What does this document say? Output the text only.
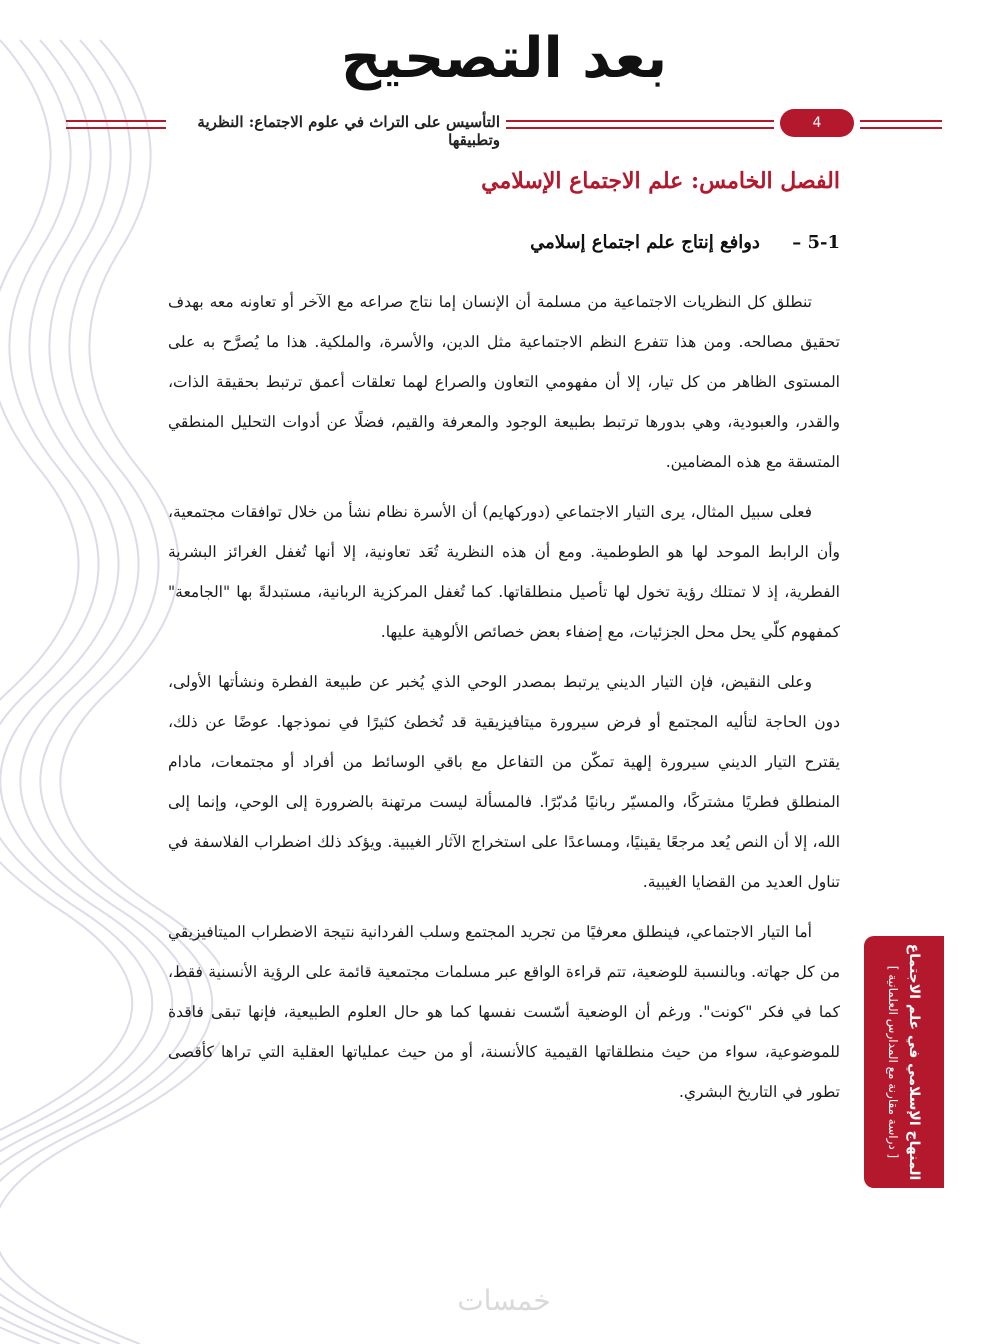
بعد التصحيح
التأسيس على التراث في علوم الاجتماع: النظرية وتطبيقها
4
الفصل الخامس: علم الاجتماع الإسلامي
5-1 – دوافع إنتاج علم اجتماع إسلامي

تنطلق كل النظريات الاجتماعية من مسلمة أن الإنسان إما نتاج صراعه مع الآخر أو تعاونه معه بهدف تحقيق مصالحه. ومن هذا تتفرع النظم الاجتماعية مثل الدين، والأسرة، والملكية. هذا ما يُصرَّح به على المستوى الظاهر من كل تيار، إلا أن مفهومي التعاون والصراع لهما تعلقات أعمق ترتبط بحقيقة الذات، والقدر، والعبودية، وهي بدورها ترتبط بطبيعة الوجود والمعرفة والقيم، فضلًا عن أدوات التحليل المنطقي المتسقة مع هذه المضامين.

فعلى سبيل المثال، يرى التيار الاجتماعي (دوركهايم) أن الأسرة نظام نشأ من خلال توافقات مجتمعية، وأن الرابط الموحد لها هو الطوطمية. ومع أن هذه النظرية تُعَد تعاونية، إلا أنها تُغفل الغرائز البشرية الفطرية، إذ لا تمتلك رؤية تخول لها تأصيل منطلقاتها. كما تُغفل المركزية الربانية، مستبدلةً بها "الجامعة" كمفهوم كلّي يحل محل الجزئيات، مع إضفاء بعض خصائص الألوهية عليها.

وعلى النقيض، فإن التيار الديني يرتبط بمصدر الوحي الذي يُخبر عن طبيعة الفطرة ونشأتها الأولى، دون الحاجة لتأليه المجتمع أو فرض سيرورة ميتافيزيقية قد تُخطئ كثيرًا في نموذجها. عوضًا عن ذلك، يقترح التيار الديني سيرورة إلهية تمكّن من التفاعل مع باقي الوسائط من أفراد أو مجتمعات، مادام المنطلق فطريًا مشتركًا، والمسيّر ربانيًا مُدبّرًا. فالمسألة ليست مرتهنة بالضرورة إلى الوحي، وإنما إلى الله، إلا أن النص يُعد مرجعًا يقينيًا، ومساعدًا على استخراج الآثار الغيبية. ويؤكد ذلك اضطراب الفلاسفة في تناول العديد من القضايا الغيبية.

أما التيار الاجتماعي، فينطلق معرفيًا من تجريد المجتمع وسلب الفردانية نتيجة الاضطراب الميتافيزيقي من كل جهاته. وبالنسبة للوضعية، تتم قراءة الواقع عبر مسلمات مجتمعية قائمة على الرؤية الأنسنية فقط، كما في فكر "كونت". ورغم أن الوضعية أسّست نفسها كما هو حال العلوم الطبيعية، فإنها تبقى فاقدة للموضوعية، سواء من حيث منطلقاتها القيمية كالأنسنة، أو من حيث عملياتها العقلية التي تراها كأقصى تطور في التاريخ البشري.	المنهاج الإسلامي في علم الاجتماع
[ دراسة مقارنة مع المدارس العلمانية ]
خمسات
